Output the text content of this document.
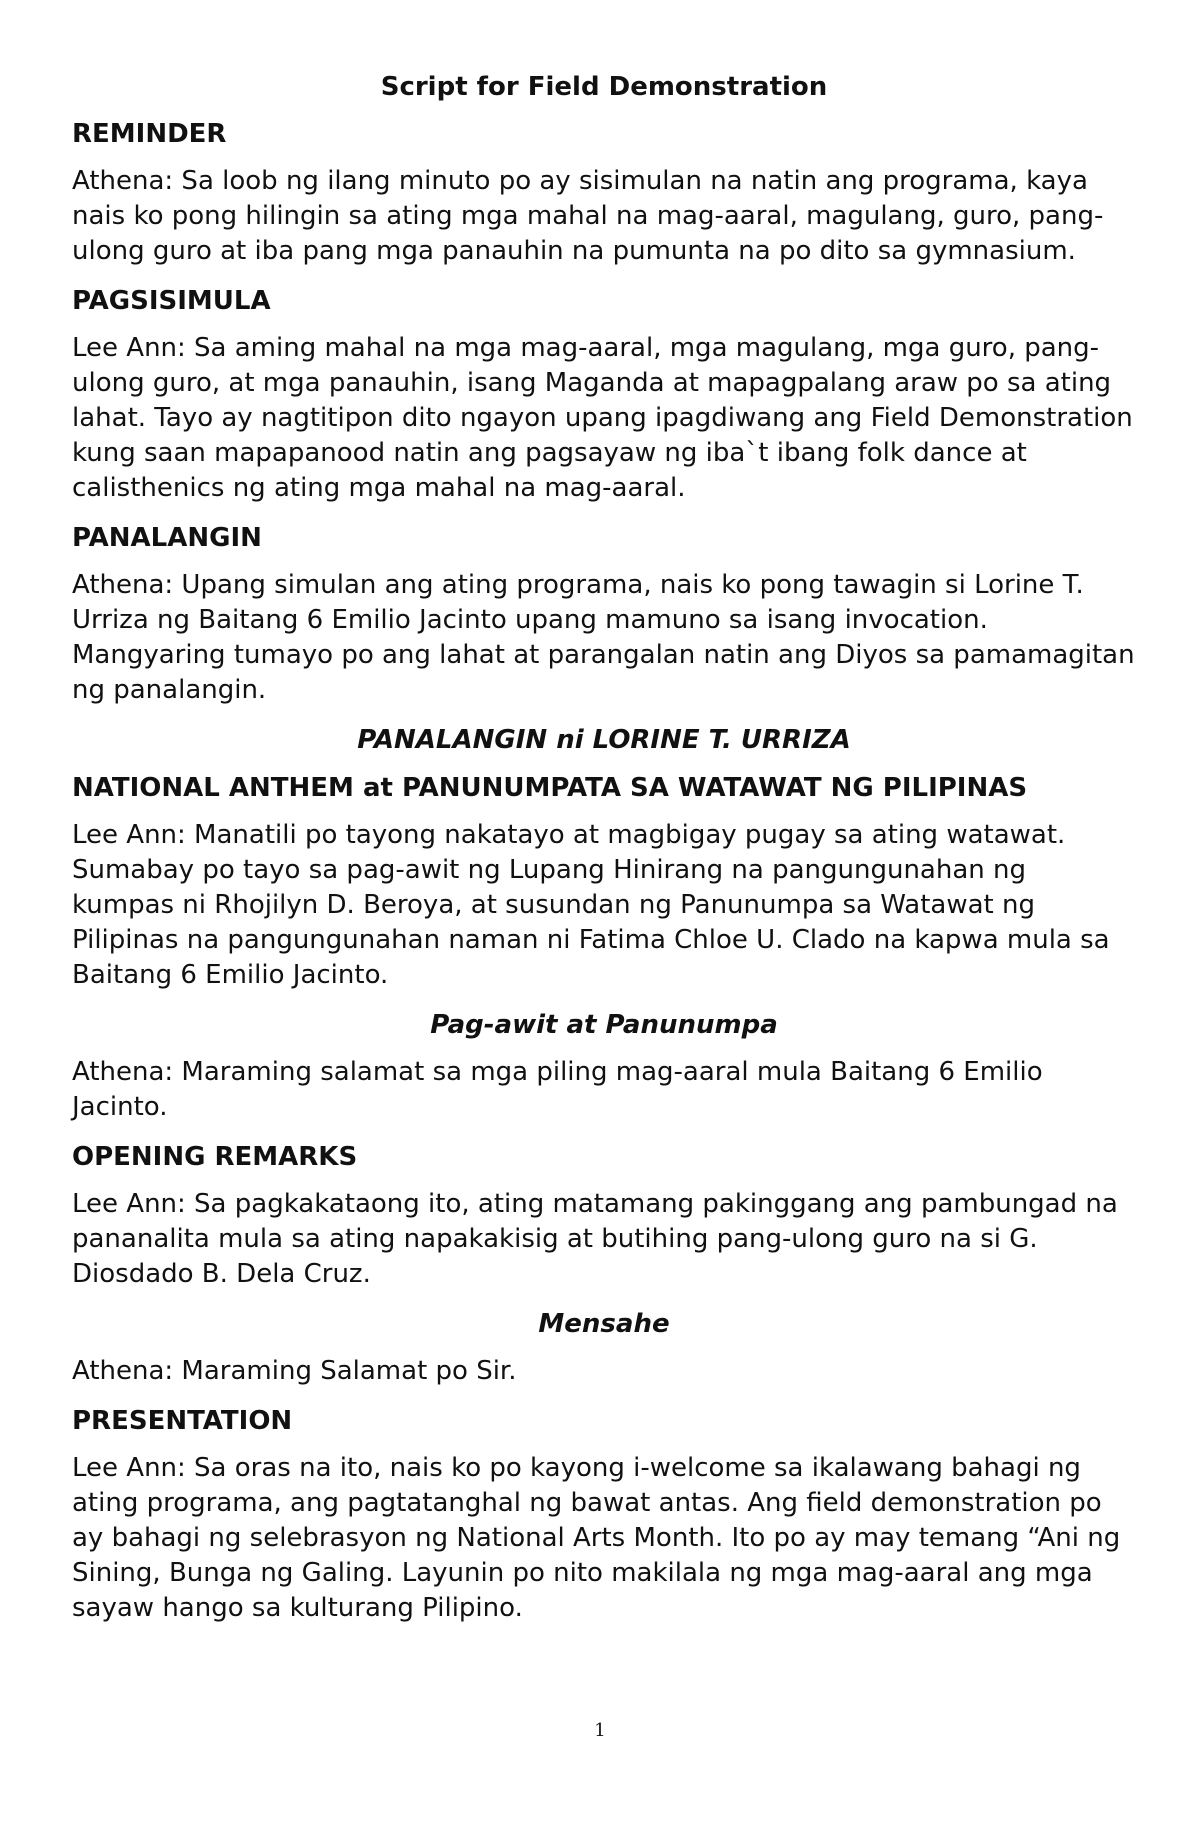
Script for Field Demonstration
REMINDER
Athena: Sa loob ng ilang minuto po ay sisimulan na natin ang programa, kaya nais ko pong hilingin sa ating mga mahal na mag-aaral, magulang, guro, pang-ulong guro at iba pang mga panauhin na pumunta na po dito sa gymnasium.
PAGSISIMULA
Lee Ann: Sa aming mahal na mga mag-aaral, mga magulang, mga guro, pang-ulong guro, at mga panauhin, isang Maganda at mapagpalang araw po sa ating lahat. Tayo ay nagtitipon dito ngayon upang ipagdiwang ang Field Demonstration kung saan mapapanood natin ang pagsayaw ng iba`t ibang folk dance at calisthenics ng ating mga mahal na mag-aaral.
PANALANGIN
Athena: Upang simulan ang ating programa, nais ko pong tawagin si Lorine T. Urriza ng Baitang 6 Emilio Jacinto upang mamuno sa isang invocation. Mangyaring tumayo po ang lahat at parangalan natin ang Diyos sa pamamagitan ng panalangin.
PANALANGIN ni LORINE T. URRIZA
NATIONAL ANTHEM at PANUNUMPATA SA WATAWAT NG PILIPINAS
Lee Ann: Manatili po tayong nakatayo at magbigay pugay sa ating watawat. Sumabay po tayo sa pag-awit ng Lupang Hinirang na pangungunahan ng kumpas ni Rhojilyn D. Beroya, at susundan ng Panunumpa sa Watawat ng Pilipinas na pangungunahan naman ni Fatima Chloe U. Clado na kapwa mula sa Baitang 6 Emilio Jacinto.
Pag-awit at Panunumpa
Athena: Maraming salamat sa mga piling mag-aaral mula Baitang 6 Emilio Jacinto.
OPENING REMARKS
Lee Ann: Sa pagkakataong ito, ating matamang pakinggang ang pambungad na pananalita mula sa ating napakakisig at butihing pang-ulong guro na si G. Diosdado B. Dela Cruz.
Mensahe
Athena: Maraming Salamat po Sir.
PRESENTATION
Lee Ann: Sa oras na ito, nais ko po kayong i-welcome sa ikalawang bahagi ng ating programa, ang pagtatanghal ng bawat antas. Ang field demonstration po ay bahagi ng selebrasyon ng National Arts Month. Ito po ay may temang “Ani ng Sining, Bunga ng Galing. Layunin po nito makilala ng mga mag-aaral ang mga sayaw hango sa kulturang Pilipino.
1
